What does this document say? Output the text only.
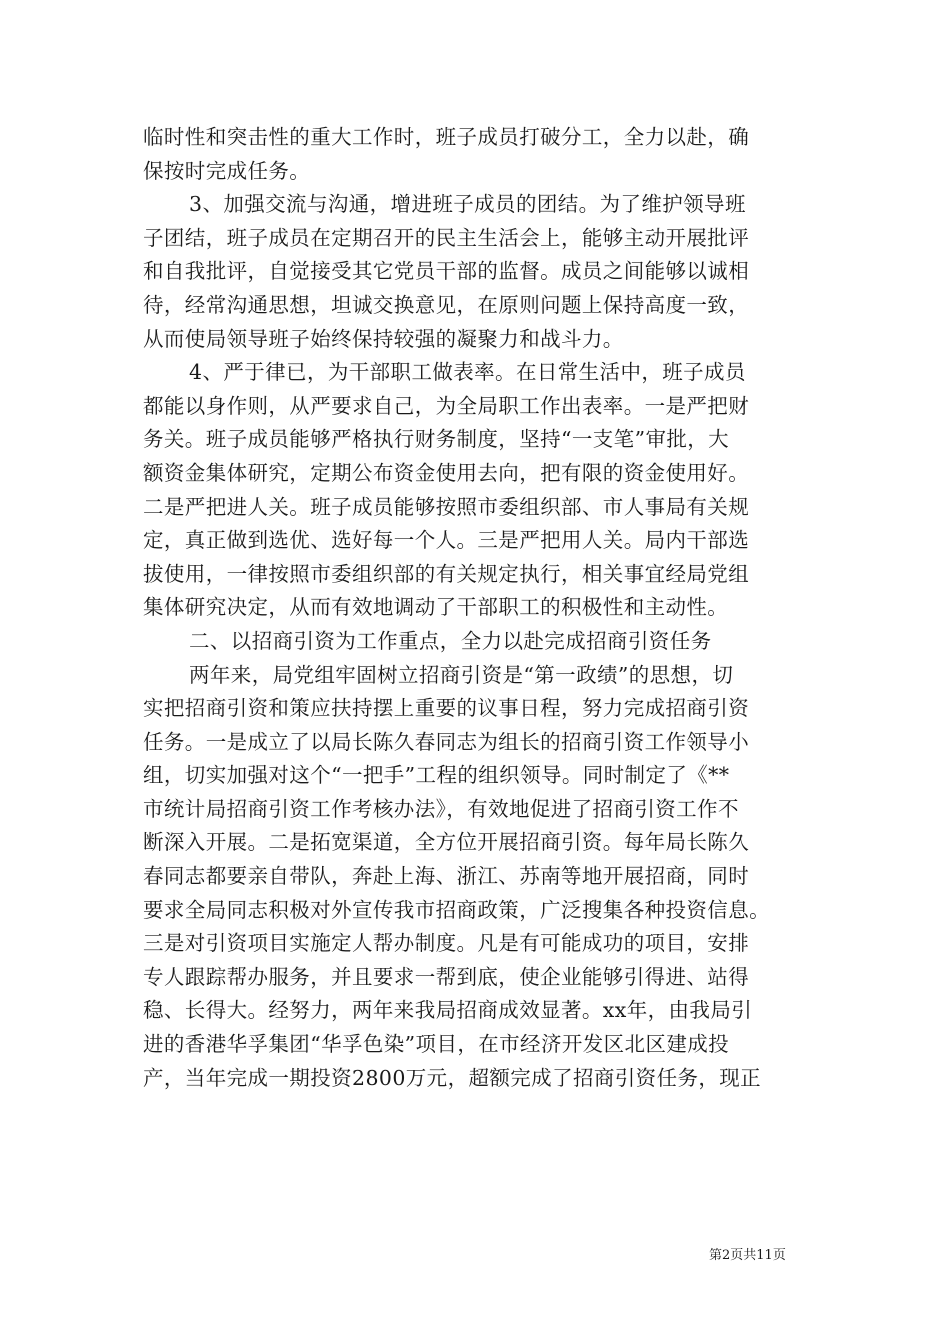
临时性和突击性的重大工作时，班子成员打破分工，全力以赴，确
保按时完成任务。
3、加强交流与沟通，增进班子成员的团结。为了维护领导班
子团结，班子成员在定期召开的民主生活会上，能够主动开展批评
和自我批评，自觉接受其它党员干部的监督。成员之间能够以诚相
待，经常沟通思想，坦诚交换意见，在原则问题上保持高度一致，
从而使局领导班子始终保持较强的凝聚力和战斗力。
4、严于律已，为干部职工做表率。在日常生活中，班子成员
都能以身作则，从严要求自己，为全局职工作出表率。一是严把财
务关。班子成员能够严格执行财务制度，坚持“一支笔”审批，大
额资金集体研究，定期公布资金使用去向，把有限的资金使用好。
二是严把进人关。班子成员能够按照市委组织部、市人事局有关规
定，真正做到选优、选好每一个人。三是严把用人关。局内干部选
拔使用，一律按照市委组织部的有关规定执行，相关事宜经局党组
集体研究决定，从而有效地调动了干部职工的积极性和主动性。
二、以招商引资为工作重点，全力以赴完成招商引资任务
两年来，局党组牢固树立招商引资是“第一政绩”的思想，切
实把招商引资和策应扶持摆上重要的议事日程，努力完成招商引资
任务。一是成立了以局长陈久春同志为组长的招商引资工作领导小
组，切实加强对这个“一把手”工程的组织领导。同时制定了《**
市统计局招商引资工作考核办法》，有效地促进了招商引资工作不
断深入开展。二是拓宽渠道，全方位开展招商引资。每年局长陈久
春同志都要亲自带队，奔赴上海、浙江、苏南等地开展招商，同时
要求全局同志积极对外宣传我市招商政策，广泛搜集各种投资信息。
三是对引资项目实施定人帮办制度。凡是有可能成功的项目，安排
专人跟踪帮办服务，并且要求一帮到底，使企业能够引得进、站得
稳、长得大。经努力，两年来我局招商成效显著。xx年，由我局引
进的香港华孚集团“华孚色染”项目，在市经济开发区北区建成投
产，当年完成一期投资2800万元，超额完成了招商引资任务，现正
第2页共11页
